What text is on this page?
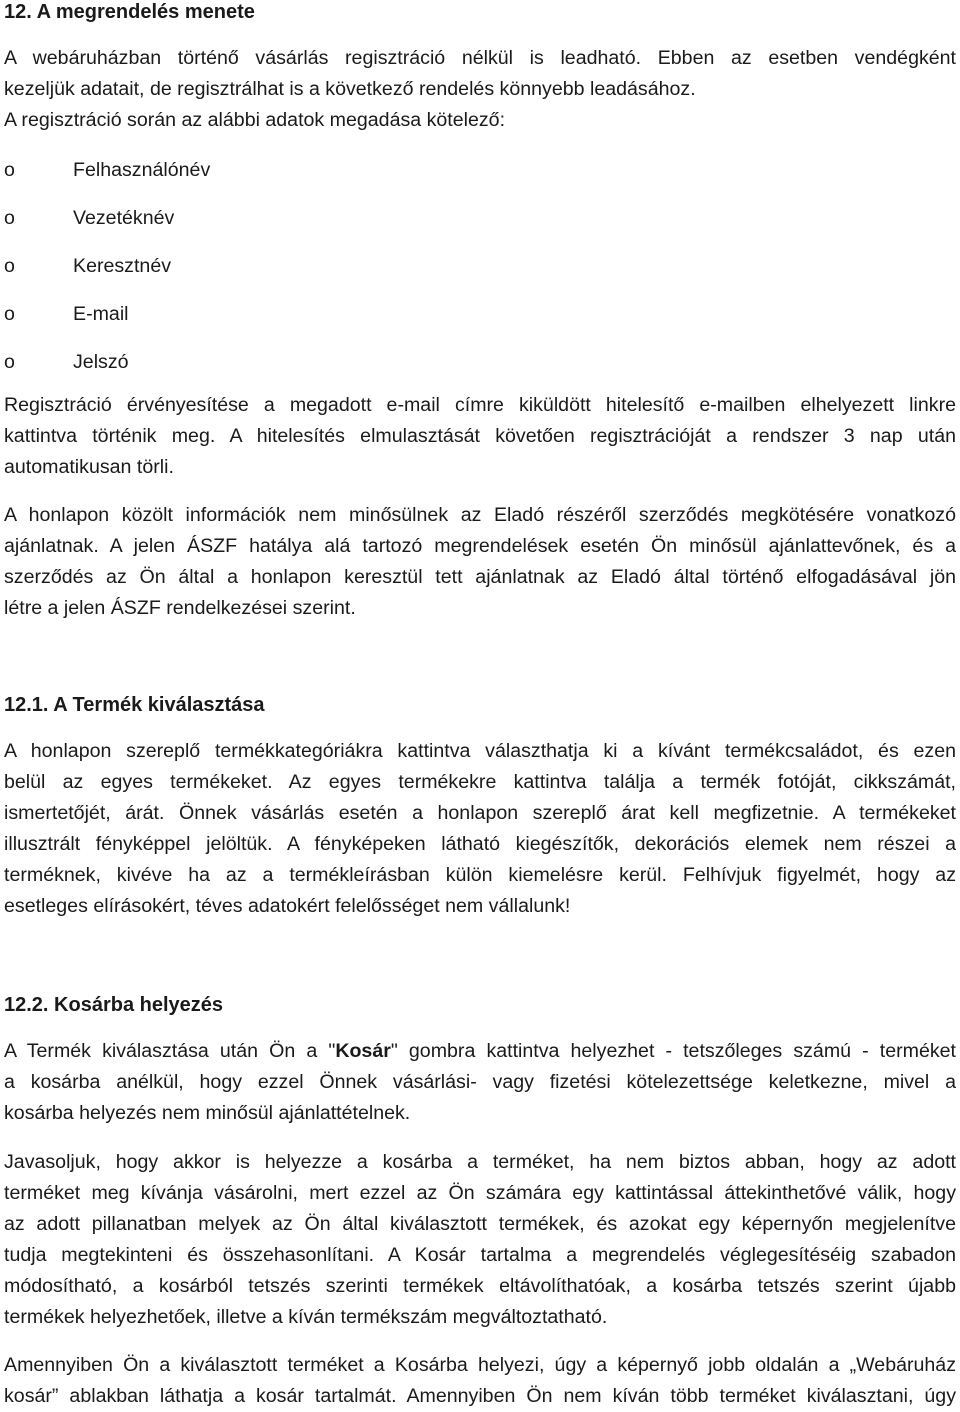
12. A megrendelés menete
A webáruházban történő vásárlás regisztráció nélkül is leadható. Ebben az esetben vendégként
kezeljük adatait, de regisztrálhat is a következő rendelés könnyebb leadásához.
A regisztráció során az alábbi adatok megadása kötelező:
o	Felhasználónév
o	Vezetéknév
o	Keresztnév
o	E-mail
o	Jelszó
Regisztráció érvényesítése a megadott e-mail címre kiküldött hitelesítő e-mailben elhelyezett linkre
kattintva történik meg. A hitelesítés elmulasztását követően regisztrációját a rendszer 3 nap után
automatikusan törli.
A honlapon közölt információk nem minősülnek az Eladó részéről szerződés megkötésére vonatkozó
ajánlatnak. A jelen ÁSZF hatálya alá tartozó megrendelések esetén Ön minősül ajánlattevőnek, és a
szerződés az Ön által a honlapon keresztül tett ajánlatnak az Eladó által történő elfogadásával jön
létre a jelen ÁSZF rendelkezései szerint.
12.1. A Termék kiválasztása
A honlapon szereplő termékkategóriákra kattintva választhatja ki a kívánt termékcsaládot, és ezen
belül az egyes termékeket. Az egyes termékekre kattintva találja a termék fotóját, cikkszámát,
ismertetőjét, árát. Önnek vásárlás esetén a honlapon szereplő árat kell megfizetnie. A termékeket
illusztrált fényképpel jelöltük. A fényképeken látható kiegészítők, dekorációs elemek nem részei a
terméknek, kivéve ha az a termékleírásban külön kiemelésre kerül. Felhívjuk figyelmét, hogy az
esetleges elírásokért, téves adatokért felelősséget nem vállalunk!
12.2. Kosárba helyezés
A Termék kiválasztása után Ön a "Kosár" gombra kattintva helyezhet - tetszőleges számú - terméket
a kosárba anélkül, hogy ezzel Önnek vásárlási- vagy fizetési kötelezettsége keletkezne, mivel a
kosárba helyezés nem minősül ajánlattételnek.
Javasoljuk, hogy akkor is helyezze a kosárba a terméket, ha nem biztos abban, hogy az adott
terméket meg kívánja vásárolni, mert ezzel az Ön számára egy kattintással áttekinthetővé válik, hogy
az adott pillanatban melyek az Ön által kiválasztott termékek, és azokat egy képernyőn megjelenítve
tudja megtekinteni és összehasonlítani. A Kosár tartalma a megrendelés véglegesítéséig szabadon
módosítható, a kosárból tetszés szerinti termékek eltávolíthatóak, a kosárba tetszés szerint újabb
termékek helyezhetőek, illetve a kíván termékszám megváltoztatható.
Amennyiben Ön a kiválasztott terméket a Kosárba helyezi, úgy a képernyő jobb oldalán a „Webáruház
kosár” ablakban láthatja a kosár tartalmát. Amennyiben Ön nem kíván több terméket kiválasztani, úgy
